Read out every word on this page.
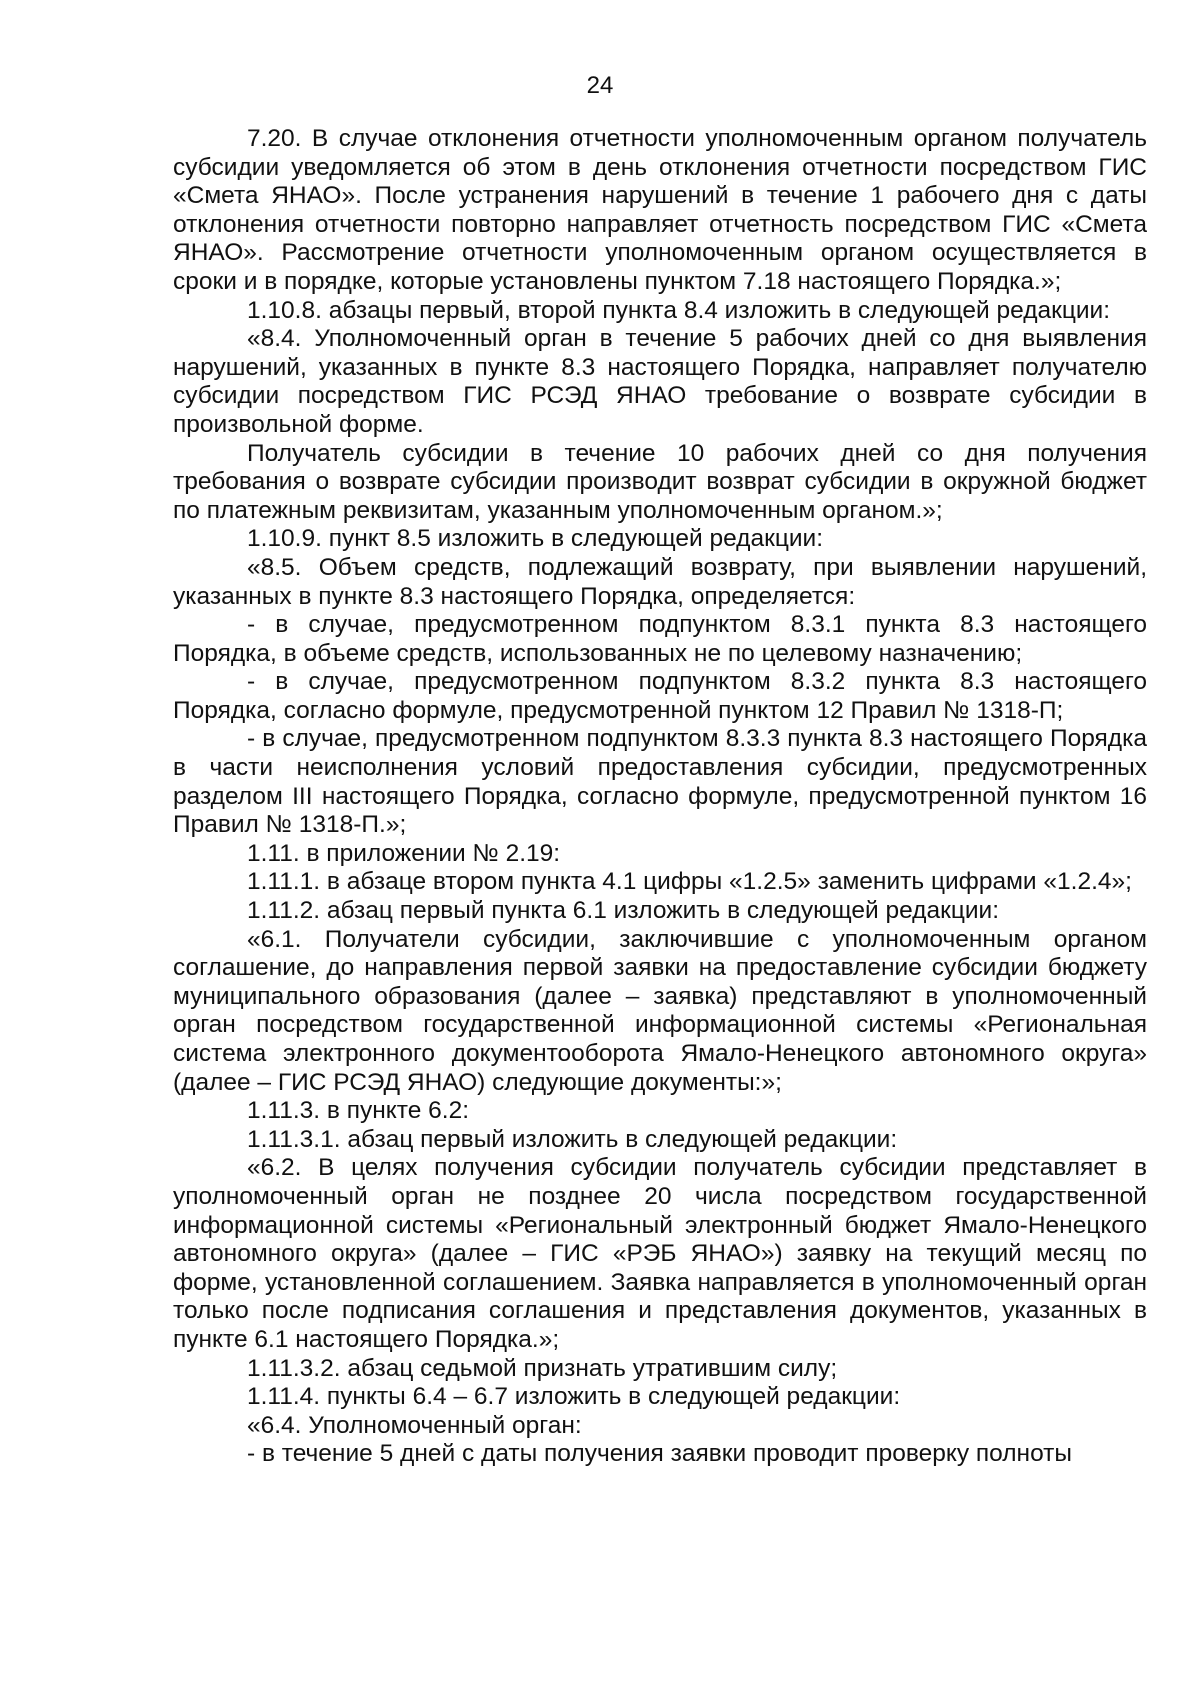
24

7.20. В случае отклонения отчетности уполномоченным органом получатель субсидии уведомляется об этом в день отклонения отчетности посредством ГИС «Смета ЯНАО». После устранения нарушений в течение 1 рабочего дня с даты отклонения отчетности повторно направляет отчетность посредством ГИС «Смета ЯНАО». Рассмотрение отчетности уполномоченным органом осуществляется в сроки и в порядке, которые установлены пунктом 7.18 настоящего Порядка.»;

1.10.8. абзацы первый, второй пункта 8.4 изложить в следующей редакции:

«8.4. Уполномоченный орган в течение 5 рабочих дней со дня выявления нарушений, указанных в пункте 8.3 настоящего Порядка, направляет получателю субсидии посредством ГИС РСЭД ЯНАО требование о возврате субсидии в произвольной форме.

Получатель субсидии в течение 10 рабочих дней со дня получения требования о возврате субсидии производит возврат субсидии в окружной бюджет по платежным реквизитам, указанным уполномоченным органом.»;

1.10.9. пункт 8.5 изложить в следующей редакции:

«8.5. Объем средств, подлежащий возврату, при выявлении нарушений, указанных в пункте 8.3 настоящего Порядка, определяется:

- в случае, предусмотренном подпунктом 8.3.1 пункта 8.3 настоящего Порядка, в объеме средств, использованных не по целевому назначению;

- в случае, предусмотренном подпунктом 8.3.2 пункта 8.3 настоящего Порядка, согласно формуле, предусмотренной пунктом 12 Правил № 1318-П;

- в случае, предусмотренном подпунктом 8.3.3 пункта 8.3 настоящего Порядка в части неисполнения условий предоставления субсидии, предусмотренных разделом III настоящего Порядка, согласно формуле, предусмотренной пунктом 16 Правил № 1318-П.»;

1.11. в приложении № 2.19:

1.11.1. в абзаце втором пункта 4.1 цифры «1.2.5» заменить цифрами «1.2.4»;

1.11.2. абзац первый пункта 6.1 изложить в следующей редакции:

«6.1. Получатели субсидии, заключившие с уполномоченным органом соглашение, до направления первой заявки на предоставление субсидии бюджету муниципального образования (далее – заявка) представляют в уполномоченный орган посредством государственной информационной системы «Региональная система электронного документооборота Ямало-Ненецкого автономного округа» (далее – ГИС РСЭД ЯНАО) следующие документы:»;

1.11.3. в пункте 6.2:

1.11.3.1. абзац первый изложить в следующей редакции:

«6.2. В целях получения субсидии получатель субсидии представляет в уполномоченный орган не позднее 20 числа посредством государственной информационной системы «Региональный электронный бюджет Ямало-Ненецкого автономного округа» (далее – ГИС «РЭБ ЯНАО») заявку на текущий месяц по форме, установленной соглашением. Заявка направляется в уполномоченный орган только после подписания соглашения и представления документов, указанных в пункте 6.1 настоящего Порядка.»;

1.11.3.2. абзац седьмой признать утратившим силу;

1.11.4. пункты 6.4 – 6.7 изложить в следующей редакции:

«6.4. Уполномоченный орган:

- в течение 5 дней с даты получения заявки проводит проверку полноты
